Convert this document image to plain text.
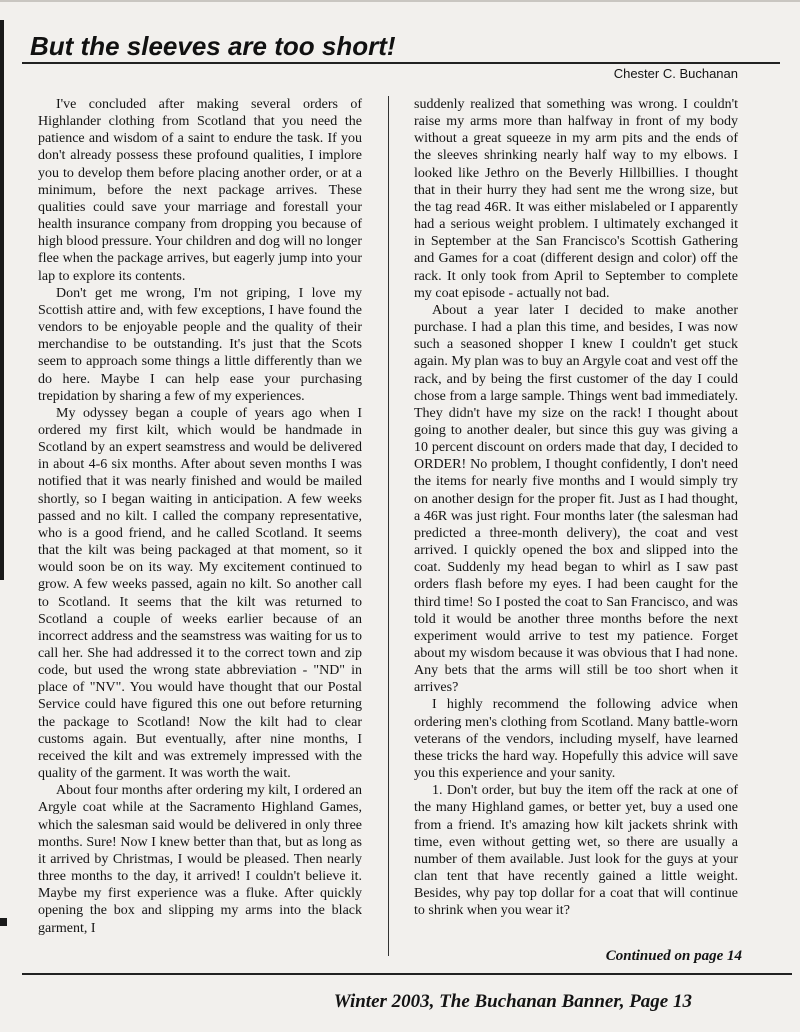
But the sleeves are too short!
Chester C. Buchanan

I've concluded after making several orders of Highlander clothing from Scotland that you need the patience and wisdom of a saint to endure the task. If you don't already possess these profound qualities, I implore you to develop them before placing another order, or at a minimum, before the next package arrives. These qualities could save your marriage and forestall your health insurance company from dropping you because of high blood pressure. Your children and dog will no longer flee when the package arrives, but eagerly jump into your lap to explore its contents.

Don't get me wrong, I'm not griping, I love my Scottish attire and, with few exceptions, I have found the vendors to be enjoyable people and the quality of their merchandise to be outstanding. It's just that the Scots seem to approach some things a little differently than we do here. Maybe I can help ease your purchasing trepidation by sharing a few of my experiences.

My odyssey began a couple of years ago when I ordered my first kilt, which would be handmade in Scotland by an expert seamstress and would be delivered in about 4-6 six months. After about seven months I was notified that it was nearly finished and would be mailed shortly, so I began waiting in anticipation. A few weeks passed and no kilt. I called the company representative, who is a good friend, and he called Scotland. It seems that the kilt was being packaged at that moment, so it would soon be on its way. My excitement continued to grow. A few weeks passed, again no kilt. So another call to Scotland. It seems that the kilt was returned to Scotland a couple of weeks earlier because of an incorrect address and the seamstress was waiting for us to call her. She had addressed it to the correct town and zip code, but used the wrong state abbreviation - "ND" in place of "NV". You would have thought that our Postal Service could have figured this one out before returning the package to Scotland! Now the kilt had to clear customs again. But eventually, after nine months, I received the kilt and was extremely impressed with the quality of the garment. It was worth the wait.

About four months after ordering my kilt, I ordered an Argyle coat while at the Sacramento Highland Games, which the salesman said would be delivered in only three months. Sure! Now I knew better than that, but as long as it arrived by Christmas, I would be pleased. Then nearly three months to the day, it arrived! I couldn't believe it. Maybe my first experience was a fluke. After quickly opening the box and slipping my arms into the black garment, I

suddenly realized that something was wrong. I couldn't raise my arms more than halfway in front of my body without a great squeeze in my arm pits and the ends of the sleeves shrinking nearly half way to my elbows. I looked like Jethro on the Beverly Hillbillies. I thought that in their hurry they had sent me the wrong size, but the tag read 46R. It was either mislabeled or I apparently had a serious weight problem. I ultimately exchanged it in September at the San Francisco's Scottish Gathering and Games for a coat (different design and color) off the rack. It only took from April to September to complete my coat episode - actually not bad.

About a year later I decided to make another purchase. I had a plan this time, and besides, I was now such a seasoned shopper I knew I couldn't get stuck again. My plan was to buy an Argyle coat and vest off the rack, and by being the first customer of the day I could chose from a large sample. Things went bad immediately. They didn't have my size on the rack! I thought about going to another dealer, but since this guy was giving a 10 percent discount on orders made that day, I decided to ORDER! No problem, I thought confidently, I don't need the items for nearly five months and I would simply try on another design for the proper fit. Just as I had thought, a 46R was just right. Four months later (the salesman had predicted a three-month delivery), the coat and vest arrived. I quickly opened the box and slipped into the coat. Suddenly my head began to whirl as I saw past orders flash before my eyes. I had been caught for the third time! So I posted the coat to San Francisco, and was told it would be another three months before the next experiment would arrive to test my patience. Forget about my wisdom because it was obvious that I had none. Any bets that the arms will still be too short when it arrives?

I highly recommend the following advice when ordering men's clothing from Scotland. Many battle-worn veterans of the vendors, including myself, have learned these tricks the hard way. Hopefully this advice will save you this experience and your sanity.

1. Don't order, but buy the item off the rack at one of the many Highland games, or better yet, buy a used one from a friend. It's amazing how kilt jackets shrink with time, even without getting wet, so there are usually a number of them available. Just look for the guys at your clan tent that have recently gained a little weight. Besides, why pay top dollar for a coat that will continue to shrink when you wear it?

Continued on page 14
Winter 2003, The Buchanan Banner, Page 13
